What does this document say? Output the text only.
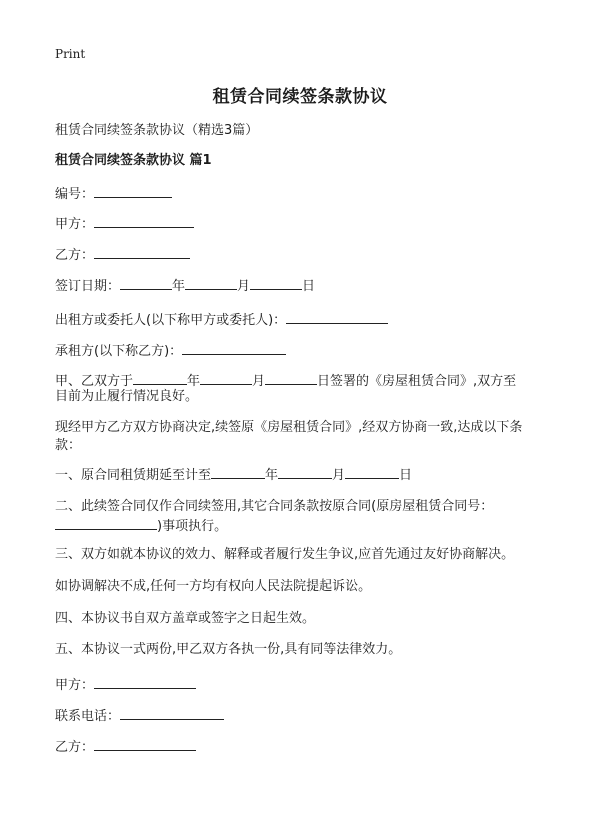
Print
租赁合同续签条款协议
租赁合同续签条款协议（精选3篇）
租赁合同续签条款协议 篇1
编号：
甲方：
乙方：
签订日期：	年	月	日
出租方或委托人(以下称甲方或委托人)：
承租方(以下称乙方)：
甲、乙双方于	年	月	日签署的《房屋租赁合同》,双方至
目前为止履行情况良好。
现经甲方乙方双方协商决定,续签原《房屋租赁合同》,经双方协商一致,达成以下条
款：
一、原合同租赁期延至计至	年	月	日
二、此续签合同仅作合同续签用,其它合同条款按原合同(原房屋租赁合同号：
)事项执行。
三、双方如就本协议的效力、解释或者履行发生争议,应首先通过友好协商解决。
如协调解决不成,任何一方均有权向人民法院提起诉讼。
四、本协议书自双方盖章或签字之日起生效。
五、本协议一式两份,甲乙双方各执一份,具有同等法律效力。
甲方：
联系电话：
乙方：
